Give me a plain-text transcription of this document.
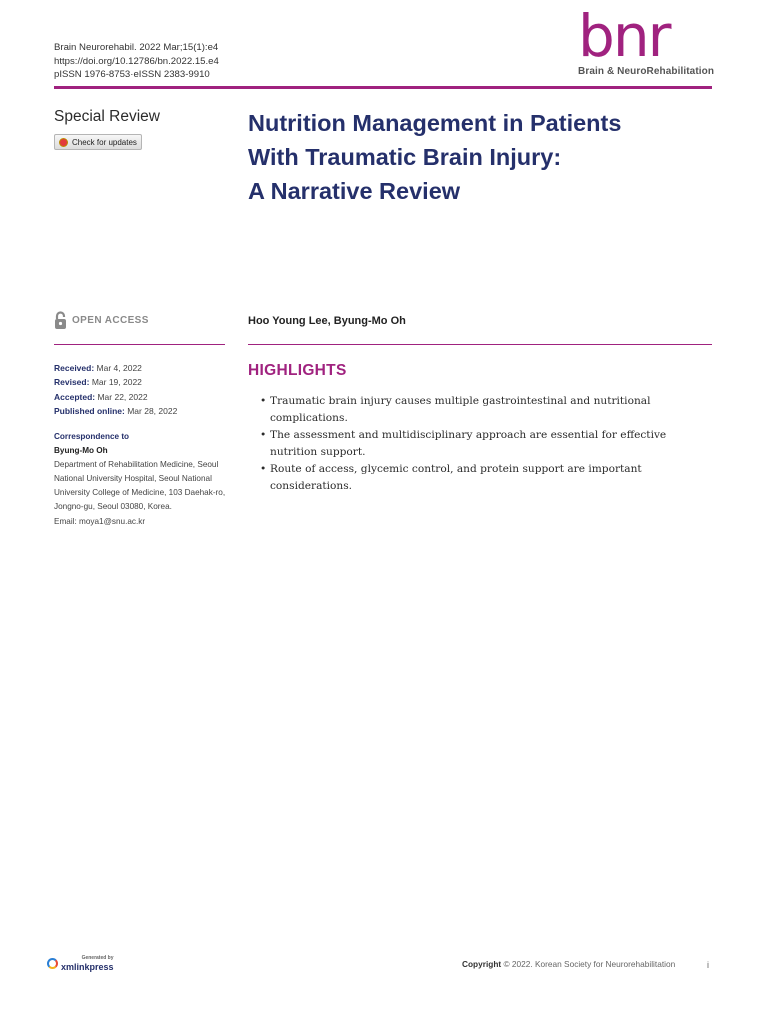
Brain Neurorehabil. 2022 Mar;15(1):e4
https://doi.org/10.12786/bn.2022.15.e4
pISSN 1976-8753·eISSN 2383-9910
bnr
Brain & NeuroRehabilitation
Special Review
Check for updates
Nutrition Management in Patients
With Traumatic Brain Injury:
A Narrative Review
OPEN ACCESS	Hoo Young Lee, Byung-Mo Oh
Received: Mar 4, 2022
Revised: Mar 19, 2022
Accepted: Mar 22, 2022
Published online: Mar 28, 2022
Correspondence to
Byung-Mo Oh
Department of Rehabilitation Medicine, Seoul
National University Hospital, Seoul National
University College of Medicine, 103 Daehak-ro,
Jongno-gu, Seoul 03080, Korea.
Email: moya1@snu.ac.kr
HIGHLIGHTS
• Traumatic brain injury causes multiple gastrointestinal and nutritional complications.
• The assessment and multidisciplinary approach are essential for effective nutrition support.
• Route of access, glycemic control, and protein support are important considerations.
Generated by
xmlinkpress	Copyright © 2022. Korean Society for Neurorehabilitation	i
